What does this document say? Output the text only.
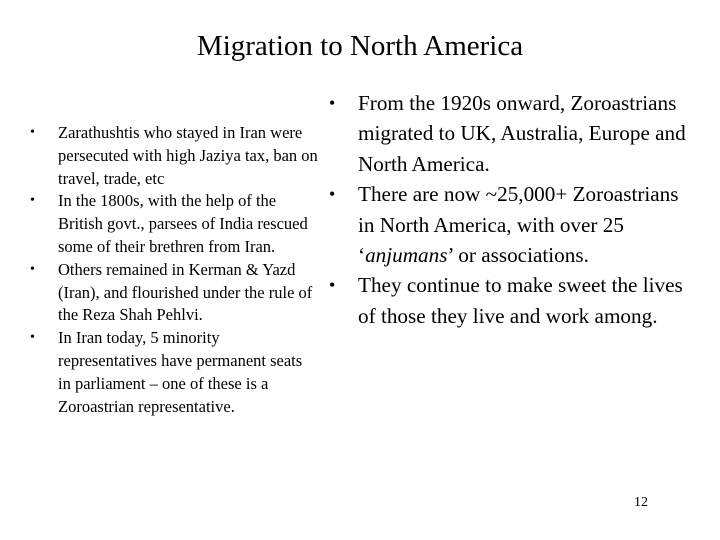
Migration to North America
• Zarathushtis who stayed in Iran were persecuted with high Jaziya tax, ban on travel, trade, etc
• In the 1800s, with the help of the British govt., parsees of India rescued some of their brethren from Iran.
• Others remained in Kerman & Yazd (Iran), and flourished under the rule of the Reza Shah Pehlvi.
• In Iran today, 5 minority representatives have permanent seats in parliament – one of these is a Zoroastrian representative.
• From the 1920s onward, Zoroastrians migrated to UK, Australia, Europe and North America.
• There are now ~25,000+ Zoroastrians in North America, with over 25 ‘anjumans’ or associations.
• They continue to make sweet the lives of those they live and work among.
12
